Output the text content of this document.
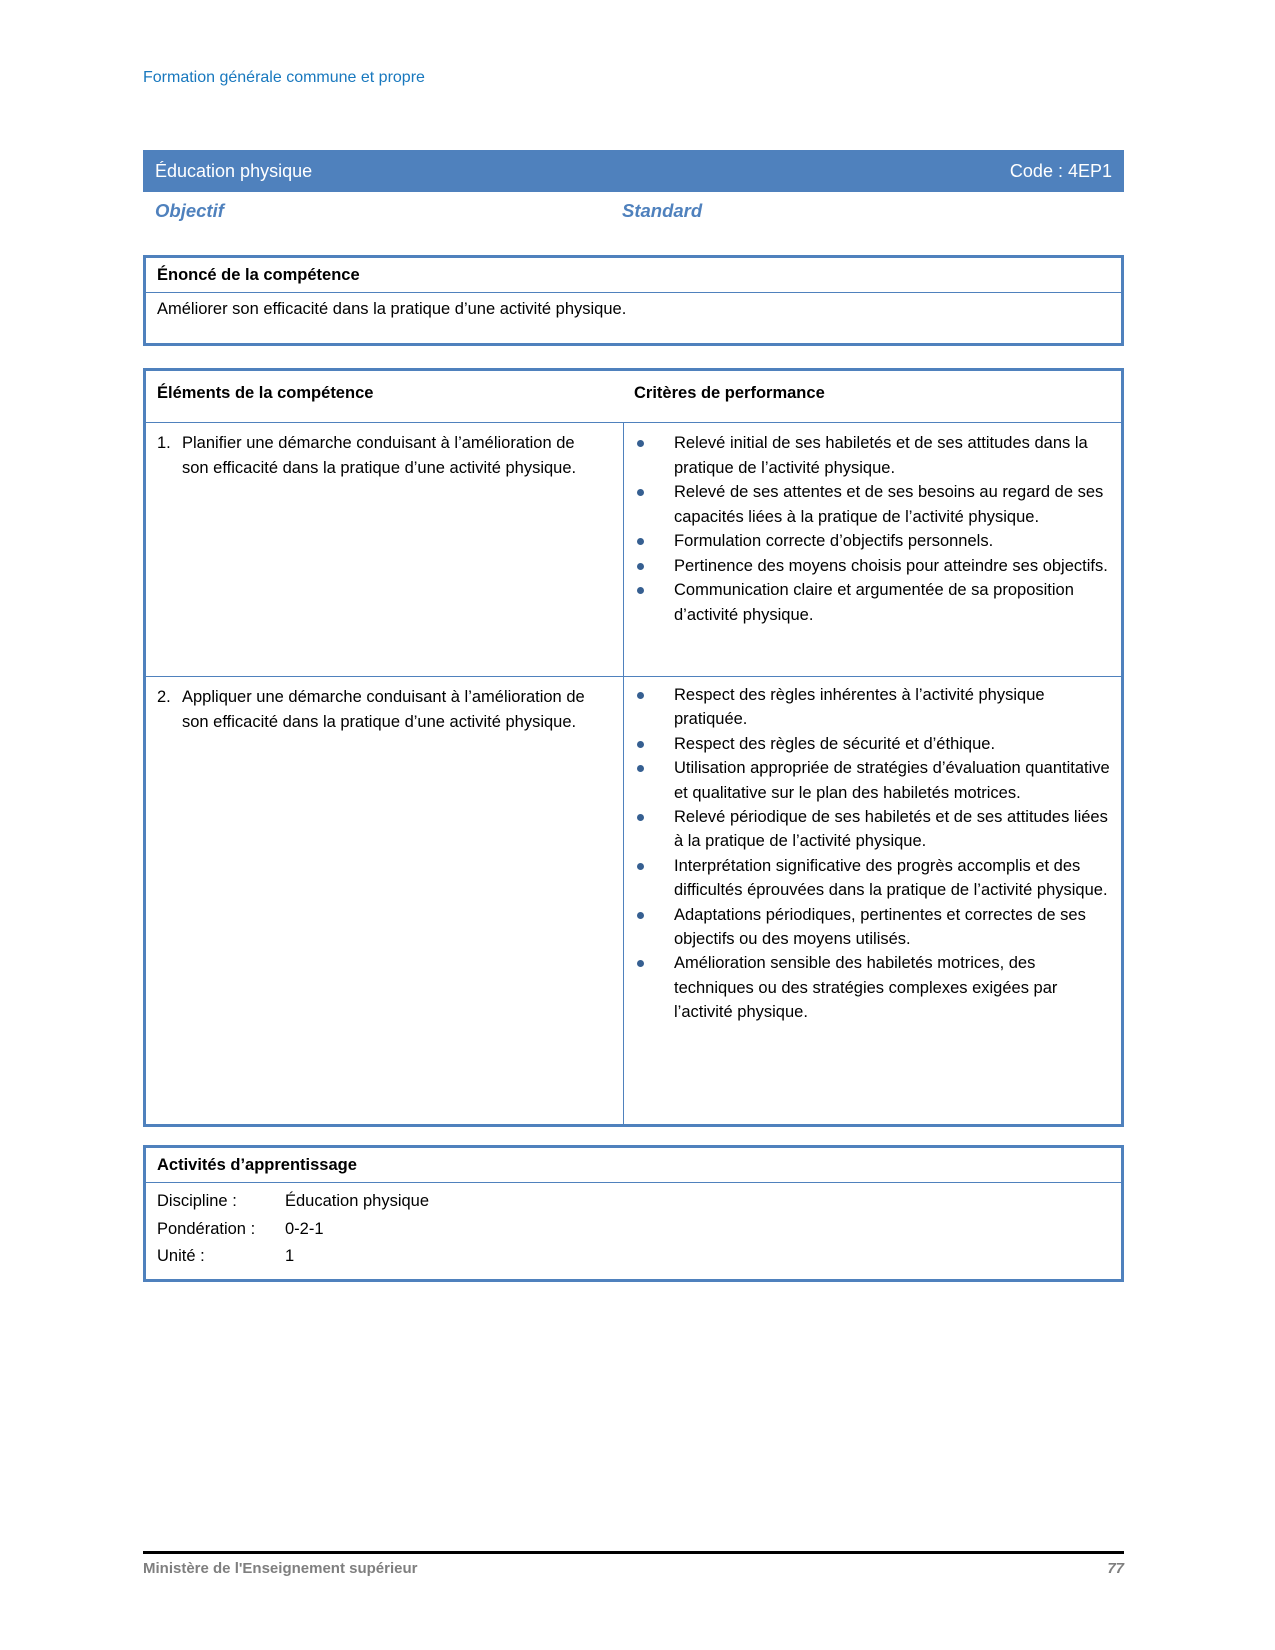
Formation générale commune et propre
Éducation physique	Code : 4EP1
Objectif	Standard
Énoncé de la compétence
Améliorer son efficacité dans la pratique d’une activité physique.
Éléments de la compétence	Critères de performance
1. Planifier une démarche conduisant à l’amélioration de son efficacité dans la pratique d’une activité physique.
Relevé initial de ses habiletés et de ses attitudes dans la pratique de l’activité physique.
Relevé de ses attentes et de ses besoins au regard de ses capacités liées à la pratique de l’activité physique.
Formulation correcte d’objectifs personnels.
Pertinence des moyens choisis pour atteindre ses objectifs.
Communication claire et argumentée de sa proposition d’activité physique.
2. Appliquer une démarche conduisant à l’amélioration de son efficacité dans la pratique d’une activité physique.
Respect des règles inhérentes à l’activité physique pratiquée.
Respect des règles de sécurité et d’éthique.
Utilisation appropriée de stratégies d’évaluation quantitative et qualitative sur le plan des habiletés motrices.
Relevé périodique de ses habiletés et de ses attitudes liées à la pratique de l’activité physique.
Interprétation significative des progrès accomplis et des difficultés éprouvées dans la pratique de l’activité physique.
Adaptations périodiques, pertinentes et correctes de ses objectifs ou des moyens utilisés.
Amélioration sensible des habiletés motrices, des techniques ou des stratégies complexes exigées par l’activité physique.
Activités d’apprentissage
Discipline :	Éducation physique
Pondération :	0-2-1
Unité :	1
Ministère de l'Enseignement supérieur	77
